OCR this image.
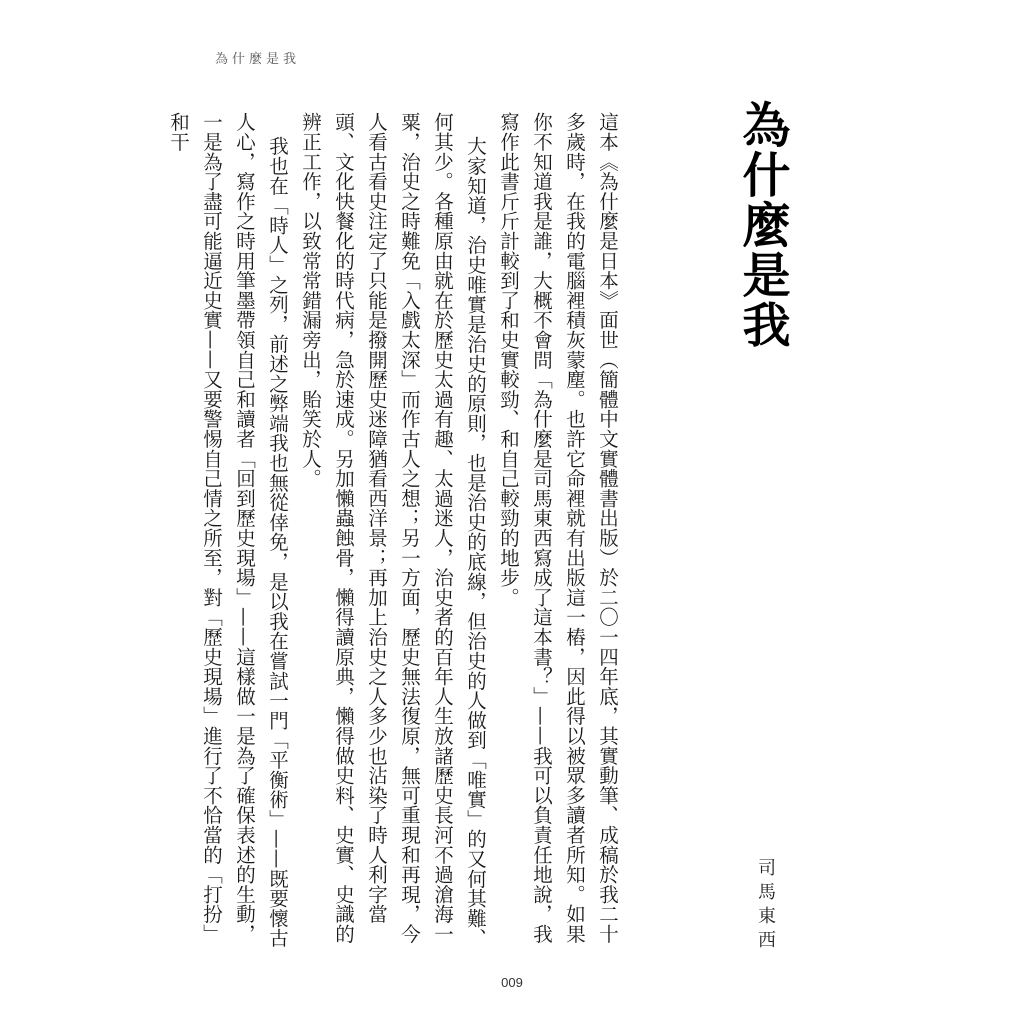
為什麼是我
為什麼是我
司馬東西

這本《為什麼是日本》面世（簡體中文實體書出版）於二〇一四年底，其實動筆、成稿於我二十多歲時，在我的電腦裡積灰蒙塵。也許它命裡就有出版這一樁，因此得以被眾多讀者所知。如果你不知道我是誰，大概不會問「為什麼是司馬東西寫成了這本書？」——我可以負責任地說，我寫作此書斤斤計較到了和史實較勁、和自己較勁的地步。

大家知道，治史唯實是治史的原則，也是治史的底線，但治史的人做到「唯實」的又何其難、何其少。各種原由就在於歷史太過有趣、太過迷人，治史者的百年人生放諸歷史長河不過滄海一粟，治史之時難免「入戲太深」而作古人之想；另一方面，歷史無法復原，無可重現和再現，今人看古看史注定了只能是撥開歷史迷障猶看西洋景；再加上治史之人多少也沾染了時人利字當頭、文化快餐化的時代病，急於速成。另加懶蟲蝕骨，懶得讀原典，懶得做史料、史實、史識的辨正工作，以致常常錯漏旁出，貽笑於人。

我也在「時人」之列，前述之弊端我也無從倖免，是以我在嘗試一門「平衡術」——既要懷古人心，寫作之時用筆墨帶領自己和讀者「回到歷史現場」——這樣做一是為了確保表述的生動，一是為了盡可能逼近史實——又要警惕自己情之所至，對「歷史現場」進行了不恰當的「打扮」和干

009
